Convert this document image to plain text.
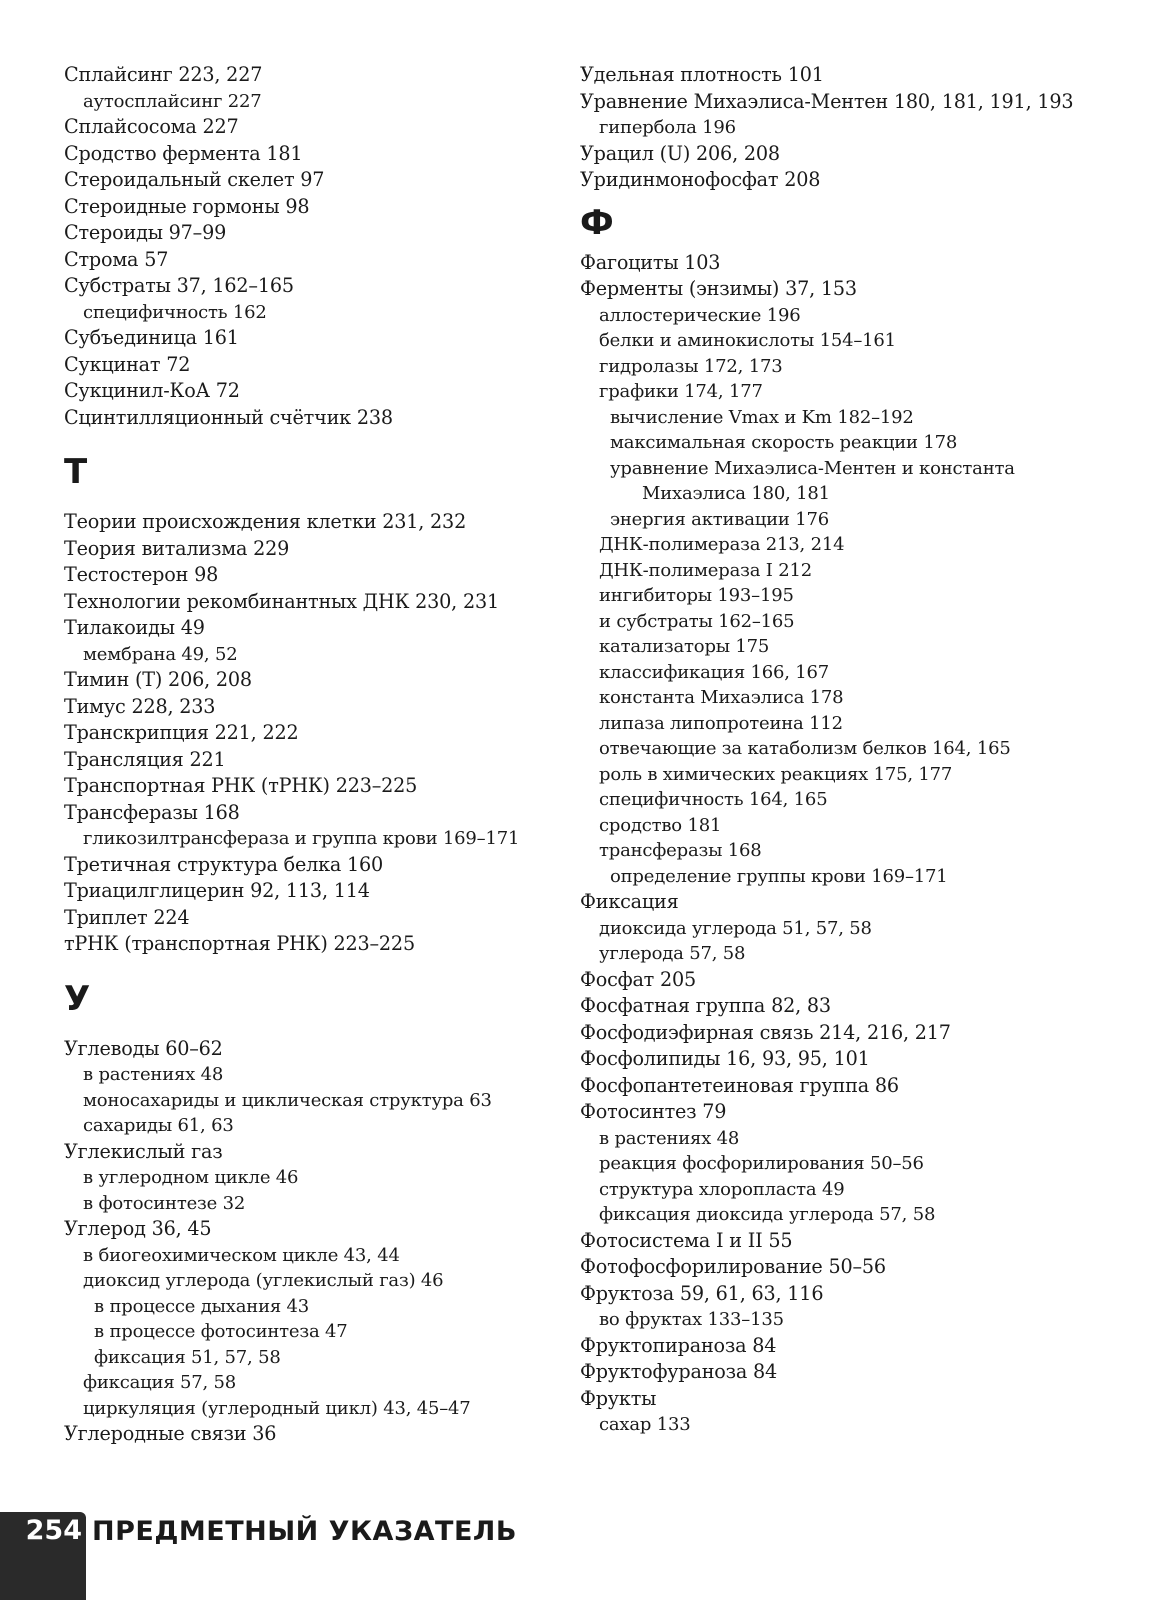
Сплайсинг 223, 227
аутосплайсинг 227
Сплайсосома 227
Сродство фермента 181
Стероидальный скелет 97
Стероидные гормоны 98
Стероиды 97–99
Строма 57
Субстраты 37, 162–165
специфичность 162
Субъединица 161
Сукцинат 72
Сукцинил-КоА 72
Сцинтилляционный счётчик 238
Т
Теории происхождения клетки 231, 232
Теория витализма 229
Тестостерон 98
Технологии рекомбинантных ДНК 230, 231
Тилакоиды 49
мембрана 49, 52
Тимин (Т) 206, 208
Тимус 228, 233
Транскрипция 221, 222
Трансляция 221
Транспортная РНК (тРНК) 223–225
Трансферазы 168
гликозилтрансфераза и группа крови 169–171
Третичная структура белка 160
Триацилглицерин 92, 113, 114
Триплет 224
тРНК (транспортная РНК) 223–225
У
Углеводы 60–62
в растениях 48
моносахариды и циклическая структура 63
сахариды 61, 63
Углекислый газ
в углеродном цикле 46
в фотосинтезе 32
Углерод 36, 45
в биогеохимическом цикле 43, 44
диоксид углерода (углекислый газ) 46
в процессе дыхания 43
в процессе фотосинтеза 47
фиксация 51, 57, 58
фиксация 57, 58
циркуляция (углеродный цикл) 43, 45–47
Углеродные связи 36
Удельная плотность 101
Уравнение Михаэлиса-Ментен 180, 181, 191, 193
гипербола 196
Урацил (U) 206, 208
Уридинмонофосфат 208
Ф
Фагоциты 103
Ферменты (энзимы) 37, 153
аллостерические 196
белки и аминокислоты 154–161
гидролазы 172, 173
графики 174, 177
вычисление Vmax и Km 182–192
максимальная скорость реакции 178
уравнение Михаэлиса-Ментен и константа
Михаэлиса 180, 181
энергия активации 176
ДНК-полимераза 213, 214
ДНК-полимераза I 212
ингибиторы 193–195
и субстраты 162–165
катализаторы 175
классификация 166, 167
константа Михаэлиса 178
липаза липопротеина 112
отвечающие за катаболизм белков 164, 165
роль в химических реакциях 175, 177
специфичность 164, 165
сродство 181
трансферазы 168
определение группы крови 169–171
Фиксация
диоксида углерода 51, 57, 58
углерода 57, 58
Фосфат 205
Фосфатная группа 82, 83
Фосфодиэфирная связь 214, 216, 217
Фосфолипиды 16, 93, 95, 101
Фосфопантетеиновая группа 86
Фотосинтез 79
в растениях 48
реакция фосфорилирования 50–56
структура хлоропласта 49
фиксация диоксида углерода 57, 58
Фотосистема I и II 55
Фотофосфорилирование 50–56
Фруктоза 59, 61, 63, 116
во фруктах 133–135
Фруктопираноза 84
Фруктофураноза 84
Фрукты
сахар 133
254 ПРЕДМЕТНЫЙ УКАЗАТЕЛЬ
